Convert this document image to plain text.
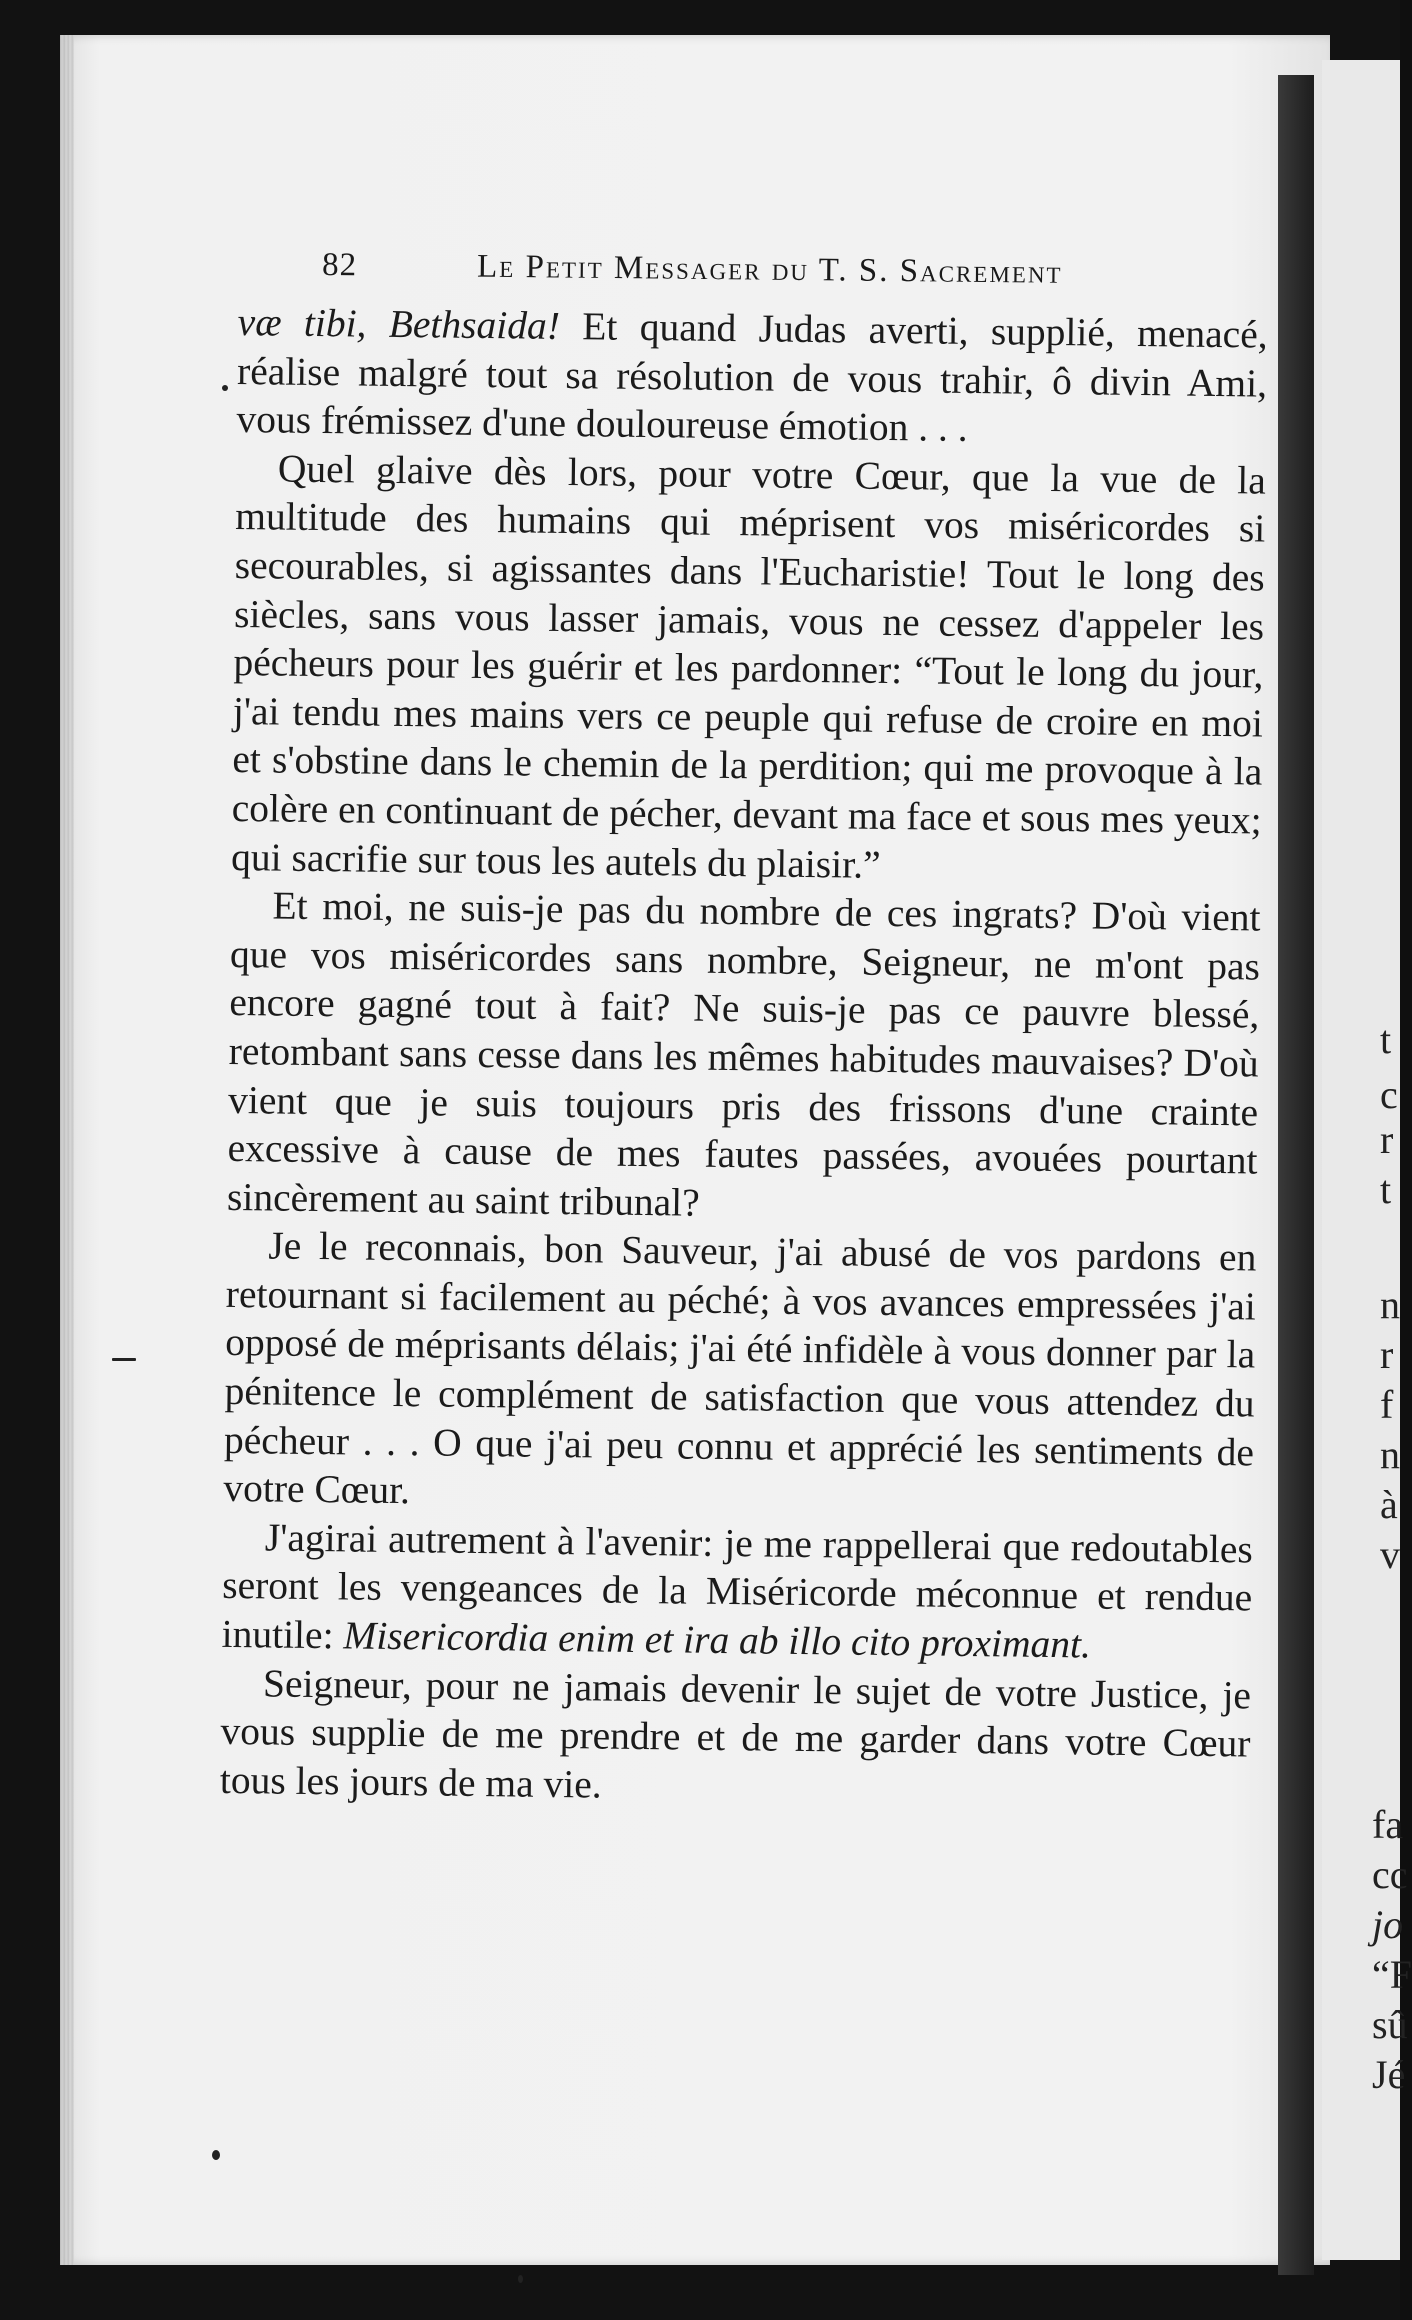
82	Le Petit Messager du T. S. Sacrement

væ tibi, Bethsaida! Et quand Judas averti, supplié, menacé, réalise malgré tout sa résolution de vous trahir, ô divin Ami, vous frémissez d'une douloureuse émotion . . .

Quel glaive dès lors, pour votre Cœur, que la vue de la multitude des humains qui méprisent vos miséricordes si secourables, si agissantes dans l'Eucharistie! Tout le long des siècles, sans vous lasser jamais, vous ne cessez d'appeler les pécheurs pour les guérir et les pardonner: “Tout le long du jour, j'ai tendu mes mains vers ce peuple qui refuse de croire en moi et s'obstine dans le chemin de la perdition; qui me provoque à la colère en continuant de pécher, devant ma face et sous mes yeux; qui sacrifie sur tous les autels du plaisir.”

Et moi, ne suis-je pas du nombre de ces ingrats? D'où vient que vos miséricordes sans nombre, Seigneur, ne m'ont pas encore gagné tout à fait? Ne suis-je pas ce pauvre blessé, retombant sans cesse dans les mêmes habitudes mauvaises? D'où vient que je suis toujours pris des frissons d'une crainte excessive à cause de mes fautes passées, avouées pourtant sincèrement au saint tribunal?

Je le reconnais, bon Sauveur, j'ai abusé de vos pardons en retournant si facilement au péché; à vos avances empressées j'ai opposé de méprisants délais; j'ai été infidèle à vous donner par la pénitence le complément de satisfaction que vous attendez du pécheur . . . O que j'ai peu connu et apprécié les sentiments de votre Cœur.

J'agirai autrement à l'avenir: je me rappellerai que redoutables seront les vengeances de la Miséricorde méconnue et rendue inutile: Misericordia enim et ira ab illo cito proximant.

Seigneur, pour ne jamais devenir le sujet de votre Justice, je vous supplie de me prendre et de me garder dans votre Cœur tous les jours de ma vie.

t
c
r
t
n
r
f
n
à
v
fa
cc
jo
“F
sû
Jé
